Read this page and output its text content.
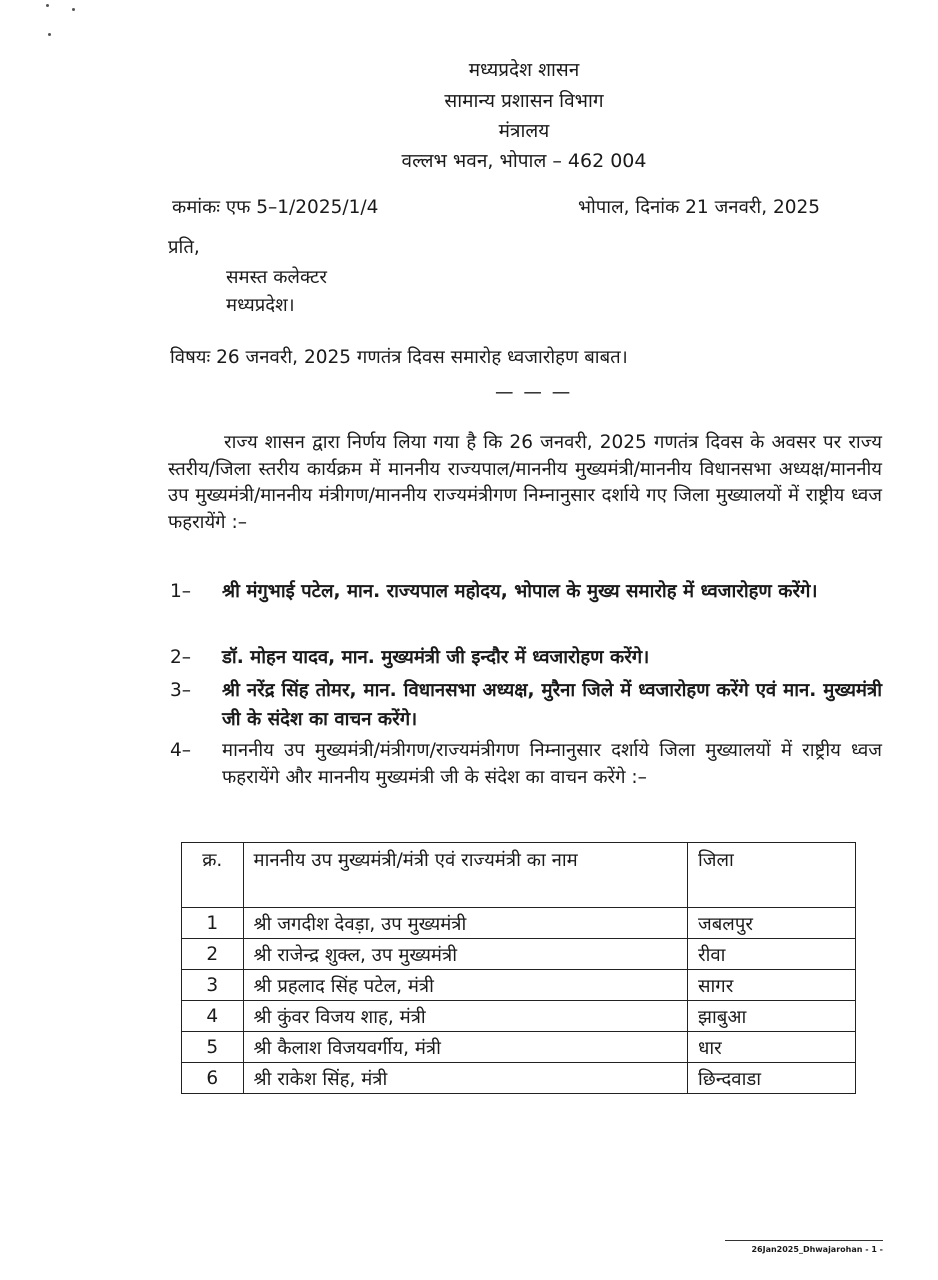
मध्यप्रदेश शासन
सामान्य प्रशासन विभाग
मंत्रालय
वल्लभ भवन, भोपाल – 462 004
कमांकः एफ 5–1/2025/1/4	भोपाल, दिनांक 21 जनवरी, 2025
प्रति,
समस्त कलेक्टर
मध्यप्रदेश।
विषयः 26 जनवरी, 2025 गणतंत्र दिवस समारोह ध्वजारोहण बाबत।
— — —
राज्य शासन द्वारा निर्णय लिया गया है कि 26 जनवरी, 2025 गणतंत्र दिवस के अवसर पर राज्य स्तरीय/जिला स्तरीय कार्यक्रम में माननीय राज्यपाल/माननीय मुख्यमंत्री/माननीय विधानसभा अध्यक्ष/माननीय उप मुख्यमंत्री/माननीय मंत्रीगण/माननीय राज्यमंत्रीगण निम्नानुसार दर्शाये गए जिला मुख्यालयों में राष्ट्रीय ध्वज फहरायेंगे :–
1– श्री मंगुभाई पटेल, मान. राज्यपाल महोदय, भोपाल के मुख्य समारोह में ध्वजारोहण करेंगे।
2– डॉ. मोहन यादव, मान. मुख्यमंत्री जी इन्दौर में ध्वजारोहण करेंगे।
3– श्री नरेंद्र सिंह तोमर, मान. विधानसभा अध्यक्ष, मुरैना जिले में ध्वजारोहण करेंगे एवं मान. मुख्यमंत्री जी के संदेश का वाचन करेंगे।
4– माननीय उप मुख्यमंत्री/मंत्रीगण/राज्यमंत्रीगण निम्नानुसार दर्शाये जिला मुख्यालयों में राष्ट्रीय ध्वज फहरायेंगे और माननीय मुख्यमंत्री जी के संदेश का वाचन करेंगे :–
क्र.	माननीय उप मुख्यमंत्री/मंत्री एवं राज्यमंत्री का नाम	जिला
1	श्री जगदीश देवड़ा, उप मुख्यमंत्री	जबलपुर
2	श्री राजेन्द्र शुक्ल, उप मुख्यमंत्री	रीवा
3	श्री प्रहलाद सिंह पटेल, मंत्री	सागर
4	श्री कुंवर विजय शाह, मंत्री	झाबुआ
5	श्री कैलाश विजयवर्गीय, मंत्री	धार
6	श्री राकेश सिंह, मंत्री	छिन्दवाडा
26Jan2025_Dhwajarohan - 1 -
